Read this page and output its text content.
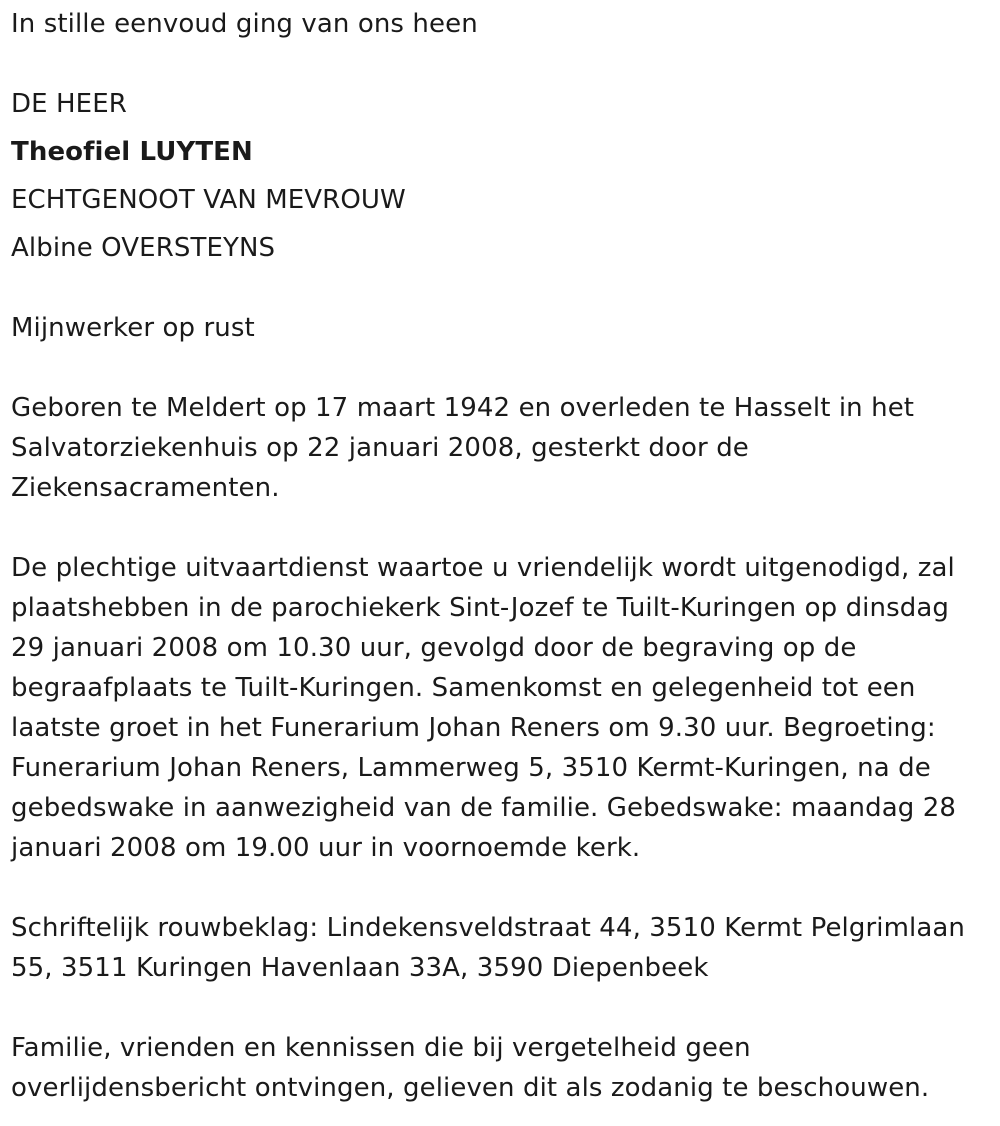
In stille eenvoud ging van ons heen

DE HEER

Theofiel LUYTEN

ECHTGENOOT VAN MEVROUW

Albine OVERSTEYNS

Mijnwerker op rust

Geboren te Meldert op 17 maart 1942 en overleden te Hasselt in het Salvatorziekenhuis op 22 januari 2008, gesterkt door de Ziekensacramenten.

De plechtige uitvaartdienst waartoe u vriendelijk wordt uitgenodigd, zal plaatshebben in de parochiekerk Sint-Jozef te Tuilt-Kuringen op dinsdag 29 januari 2008 om 10.30 uur, gevolgd door de begraving op de begraafplaats te Tuilt-Kuringen. Samenkomst en gelegenheid tot een laatste groet in het Funerarium Johan Reners om 9.30 uur. Begroeting: Funerarium Johan Reners, Lammerweg 5, 3510 Kermt-Kuringen, na de gebedswake in aanwezigheid van de familie. Gebedswake: maandag 28 januari 2008 om 19.00 uur in voornoemde kerk.

Schriftelijk rouwbeklag: Lindekensveldstraat 44, 3510 Kermt Pelgrimlaan 55, 3511 Kuringen Havenlaan 33A, 3590 Diepenbeek

Familie, vrienden en kennissen die bij vergetelheid geen overlijdensbericht ontvingen, gelieven dit als zodanig te beschouwen.
